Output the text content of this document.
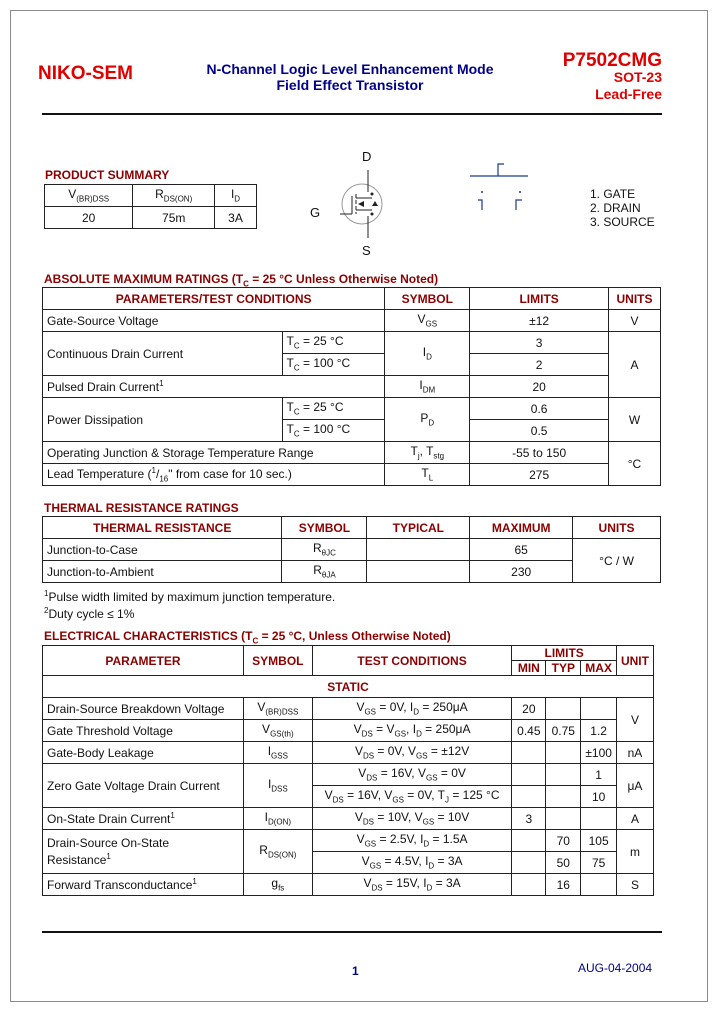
NIKO-SEM	N-Channel Logic Level Enhancement Mode
Field Effect Transistor
P7502CMG
SOT-23
Lead-Free
PRODUCT SUMMARY
$V_{(BR)DSS}$	$R_{DS(ON)}$	$I_D$
20	75m	3A
D
G
S
1. GATE
2. DRAIN
3. SOURCE
ABSOLUTE MAXIMUM RATINGS ($T_C = 25$ °C Unless Otherwise Noted)
PARAMETERS/TEST CONDITIONS		SYMBOL	LIMITS	UNITS
Gate-Source Voltage		$V_{GS}$	±12	V
Continuous Drain Current	$T_C = 25$ °C	$I_D$	3	A
	$T_C = 100$ °C		2	
Pulsed Drain Current$^1$		$I_{DM}$	20	
Power Dissipation	$T_C = 25$ °C	$P_D$	0.6	W
	$T_C = 100$ °C		0.5	
Operating Junction & Storage Temperature Range		$T_j$, $T_{stg}$	-55 to 150	°C
Lead Temperature ($^1/_{16}$" from case for 10 sec.)		$T_L$	275	
THERMAL RESISTANCE RATINGS
THERMAL RESISTANCE	SYMBOL	TYPICAL	MAXIMUM	UNITS
Junction-to-Case	$R_{\theta JC}$		65	°C / W
Junction-to-Ambient	$R_{\theta JA}$		230	
$^1$Pulse width limited by maximum junction temperature.
$^2$Duty cycle ≤ 1%
ELECTRICAL CHARACTERISTICS ($T_C = 25$ °C, Unless Otherwise Noted)
PARAMETER	SYMBOL	TEST CONDITIONS	LIMITS			UNIT
			MIN	TYP	MAX	
STATIC						
Drain-Source Breakdown Voltage	$V_{(BR)DSS}$	$V_{GS} = 0V$, $I_D = 250\mu A$	20			V
Gate Threshold Voltage	$V_{GS(th)}$	$V_{DS} = V_{GS}$, $I_D = 250\mu A$	0.45	0.75	1.2	
Gate-Body Leakage	$I_{GSS}$	$V_{DS} = 0V$, $V_{GS} = \pm 12V$			±100	nA
Zero Gate Voltage Drain Current	$I_{DSS}$	$V_{DS} = 16V$, $V_{GS} = 0V$			1	μA
		$V_{DS} = 16V$, $V_{GS} = 0V$, $T_J = 125$ °C			10	
On-State Drain Current$^1$	$I_{D(ON)}$	$V_{DS} = 10V$, $V_{GS} = 10V$	3			A

Drain-Source On-State
Resistance$^1$	$R_{DS(ON)}$	$V_{GS} = 2.5V$, $I_D = 1.5A$		70	105	m
		$V_{GS} = 4.5V$, $I_D = 3A$		50	75	
Forward Transconductance$^1$	$g_{fs}$	$V_{DS} = 15V$, $I_D = 3A$		16		S
1	AUG-04-2004
